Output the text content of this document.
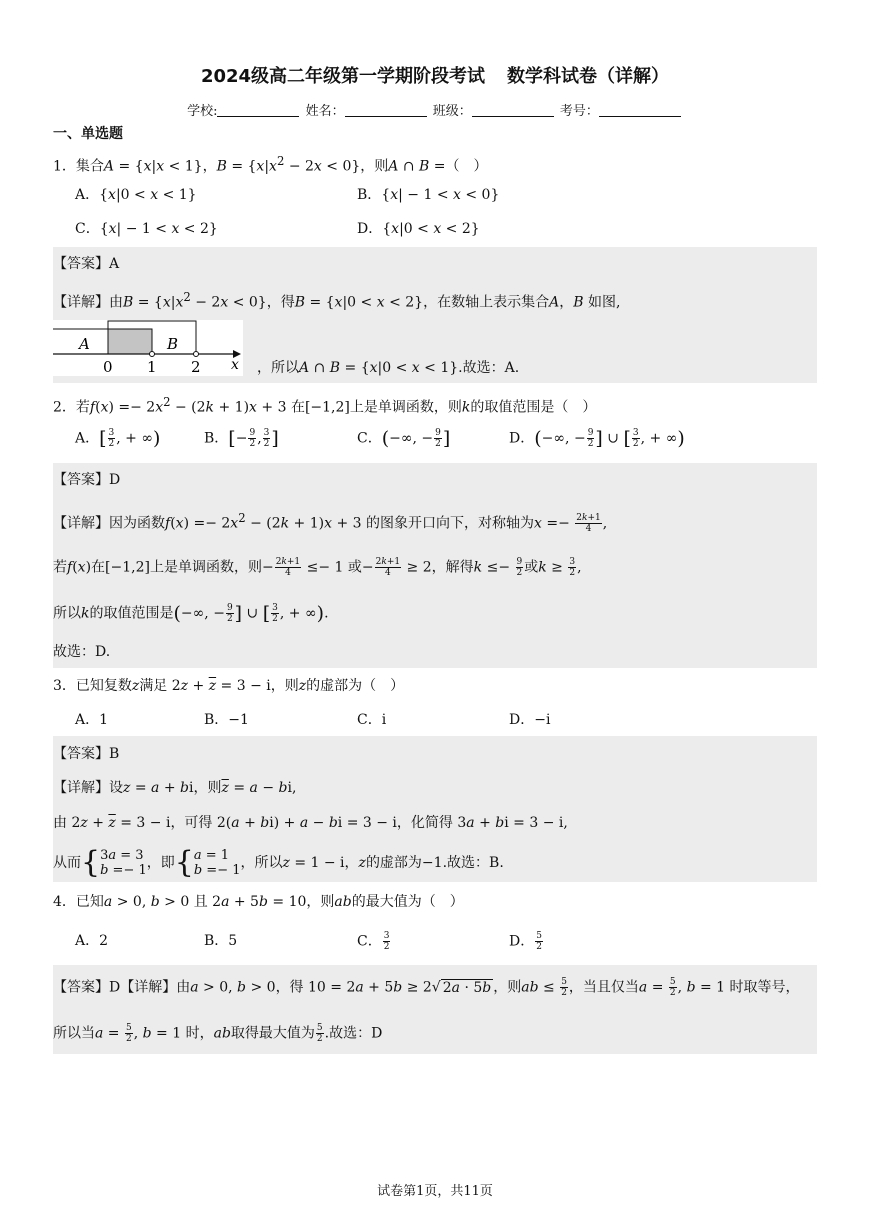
2024级高二年级第一学期阶段考试 数学科试卷（详解）
学校:	姓名：	班级：	考号：
一、单选题
1．集合A = {x|x < 1}，$B = \{x|x^2 - 2x < 0\}$，则A ∩ B =（　）
A．{x|0 < x < 1}	B．{x| − 1 < x < 0}
C．{x| − 1 < x < 2}	D．{x|0 < x < 2}
【答案】A
【详解】由$B = \{x|x^2 - 2x < 0\}$，得B = {x|0 < x < 2}，在数轴上表示集合A，B 如图,
A	B
0 1 2 x ，所以A ∩ B = {x|0 < x < 1}.故选：A.
2．若$f(x) =- 2x^2 - (2k + 1)x + 3$ 在[−1,2]上是单调函数，则k的取值范围是（　）
A．[ $\frac{3}{2}$ , + ∞)	B．[− $\frac{9}{2}$ , $\frac{3}{2}$ ]	C．(−∞, − $\frac{9}{2}$ ]	D．(−∞, − $\frac{9}{2}$ ] ∪ [ $\frac{3}{2}$ , + ∞)
【答案】D
【详解】因为函数$f(x) =- 2x^2 - (2k + 1)x + 3$ 的图象开口向下，对称轴为$x =- \frac{2k+1}{4}$ ,
若f(x)在[−1,2]上是单调函数，则− $\frac{2k+1}{4} \le- 1$ 或− $\frac{2k+1}{4} \ge 2$，解得$k \le- \frac{9}{2}$ 或$k \ge \frac{3}{2}$ ,
所以k的取值范围是(−∞, − $\frac{9}{2}$ ] ∪ [ $\frac{3}{2}$ , + ∞).
故选：D.
3．已知复数z满足 $2z + \overline{z} = 3 - i$，则z的虚部为（　）
A．1	B．−1	C．i	D．−i
【答案】B
【详解】设z = a + bi，则$\overline{z} = a$ − bi,
由 $2z + \overline{z} = 3 - i$，可得 2(a + bi) + a − bi = 3 − i，化简得 3a + bi = 3 − i,
从而{3a = 3
b =− 1，即{a = 1
b =− 1，所以z = 1 − i，z的虚部为−1.故选：B.
4．已知a > 0, b > 0 且 2a + 5b = 10，则ab的最大值为（　）
A．2	B．5	C． $\frac{3}{2}$	D． $\frac{5}{2}$
【答案】D【详解】由a > 0, b > 0，得 10 = 2a + 5b ≥ 2√ 2a · 5b ，则ab ≤ $\frac{5}{2}$ ，当且仅当$a = \frac{5}{2}$ , b = 1 时取等号，
所以当$a = \frac{5}{2}$ , b = 1 时，ab取得最大值为 $\frac{5}{2}$ .故选：D
试卷第1页，共11页
